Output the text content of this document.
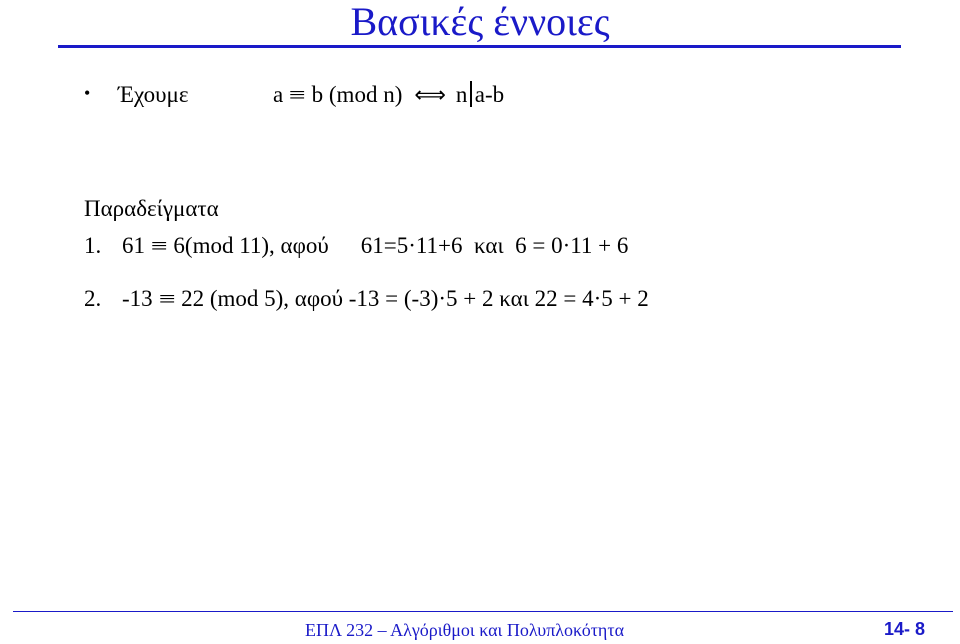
Βασικές έννοιες
• Έχουμε	a ≡ b (mod n) ⟺ n a-b
Παραδείγματα
1. 61 ≡ 6(mod 11), αφού 61=5·11+6 και 6 = 0·11 + 6
2. -13 ≡ 22 (mod 5), αφού -13 = (-3)·5 + 2 και 22 = 4·5 + 2
ΕΠΛ 232 – Αλγόριθμοι και Πολυπλοκότητα	14- 8
